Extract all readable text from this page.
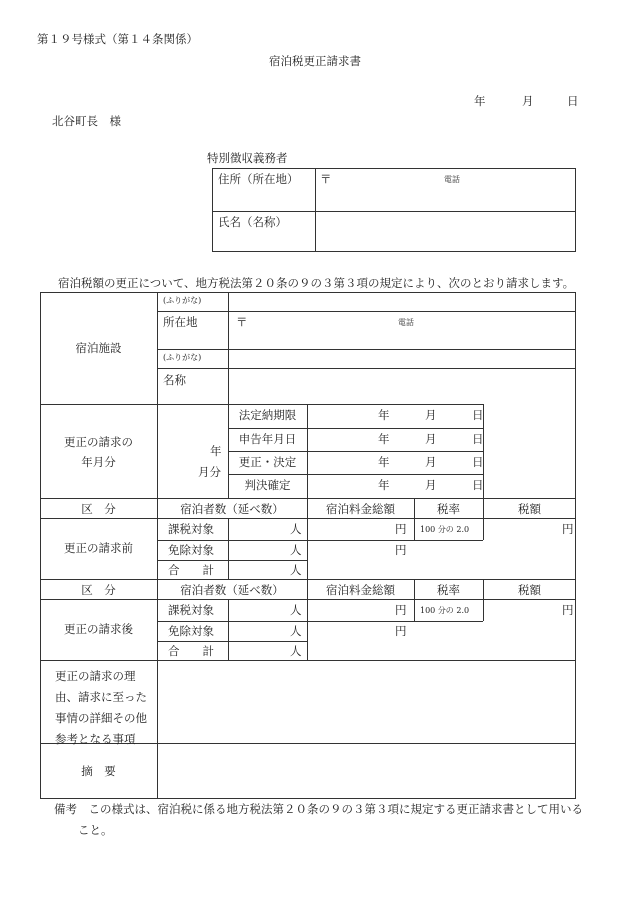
第１９号様式（第１４条関係）
宿泊税更正請求書
年	月	日
北谷町長　様
特別徴収義務者
住所（所在地） 〒	電話
氏名（名称）
宿泊税額の更正について、地方税法第２０条の９の３第３項の規定により、次のとおり請求します。
宿泊施設
(ふりがな)
所在地	〒	電話
(ふりがな)
名称
更正の請求の
年月分
年
月分
法定納期限	年	月	日
申告年月日	年	月	日
更正・決定	年	月	日
判決確定	年	月	日
区　分	宿泊者数（延べ数）	宿泊料金総額	税率	税額
更正の請求前
課税対象	人	円 100 分の 2.0	円
免除対象	人	円
合　　計	人
区　分	宿泊者数（延べ数）	宿泊料金総額	税率	税額
更正の請求後
課税対象	人	円 100 分の 2.0	円
免除対象	人	円
合　　計	人
更正の請求の理
由、請求に至った
事情の詳細その他
参考となる事項
摘　要
備考　この様式は、宿泊税に係る地方税法第２０条の９の３第３項に規定する更正請求書として用いる
こと。
